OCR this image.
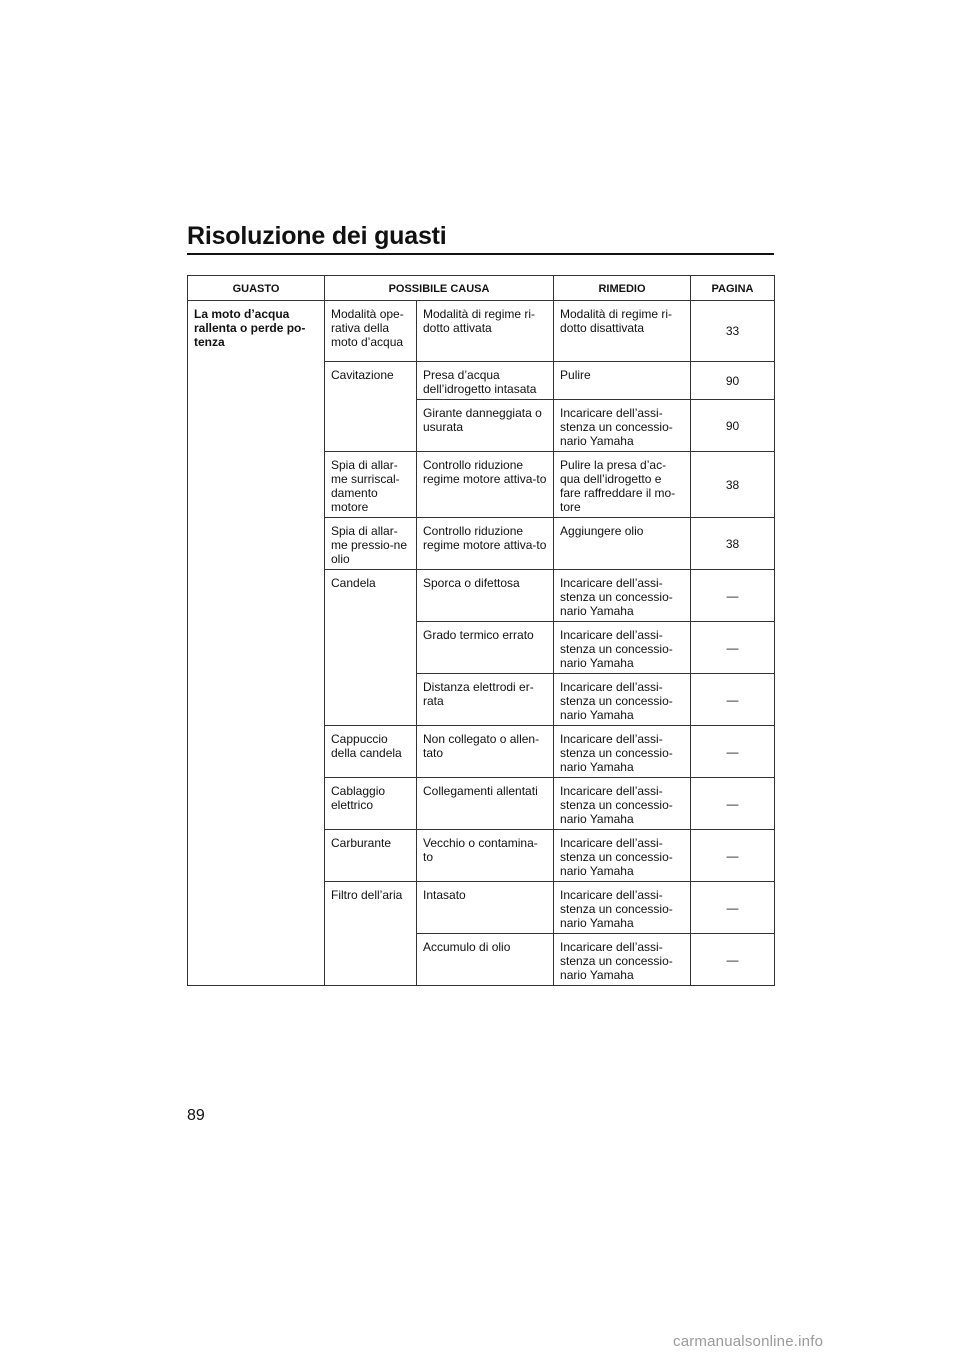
Risoluzione dei guasti
GUASTO	POSSIBILE CAUSA		RIMEDIO	PAGINA
La moto d’acqua rallenta o perde po-tenza	Modalità ope-rativa della moto d’acqua	Modalità di regime ri-dotto attivata	Modalità di regime ri-dotto disattivata	33
	Cavitazione	Presa d’acqua dell’idrogetto intasata	Pulire	90
		Girante danneggiata o usurata	Incaricare dell’assi-stenza un concessio-nario Yamaha	90
	Spia di allar-me surriscal-damento motore	Controllo riduzione regime motore attiva-to	Pulire la presa d’ac-qua dell’idrogetto e fare raffreddare il mo-tore	38
	Spia di allar-me pressio-ne olio	Controllo riduzione regime motore attiva-to	Aggiungere olio	38
	Candela	Sporca o difettosa	Incaricare dell’assi-stenza un concessio-nario Yamaha	—
		Grado termico errato	Incaricare dell’assi-stenza un concessio-nario Yamaha	—
		Distanza elettrodi er-rata	Incaricare dell’assi-stenza un concessio-nario Yamaha	—
	Cappuccio della candela	Non collegato o allen-tato	Incaricare dell’assi-stenza un concessio-nario Yamaha	—
	Cablaggio elettrico	Collegamenti allentati	Incaricare dell’assi-stenza un concessio-nario Yamaha	—
	Carburante	Vecchio o contamina-to	Incaricare dell’assi-stenza un concessio-nario Yamaha	—
	Filtro dell’aria	Intasato	Incaricare dell’assi-stenza un concessio-nario Yamaha	—
		Accumulo di olio	Incaricare dell’assi-stenza un concessio-nario Yamaha	—
89
carmanualsonline.info
